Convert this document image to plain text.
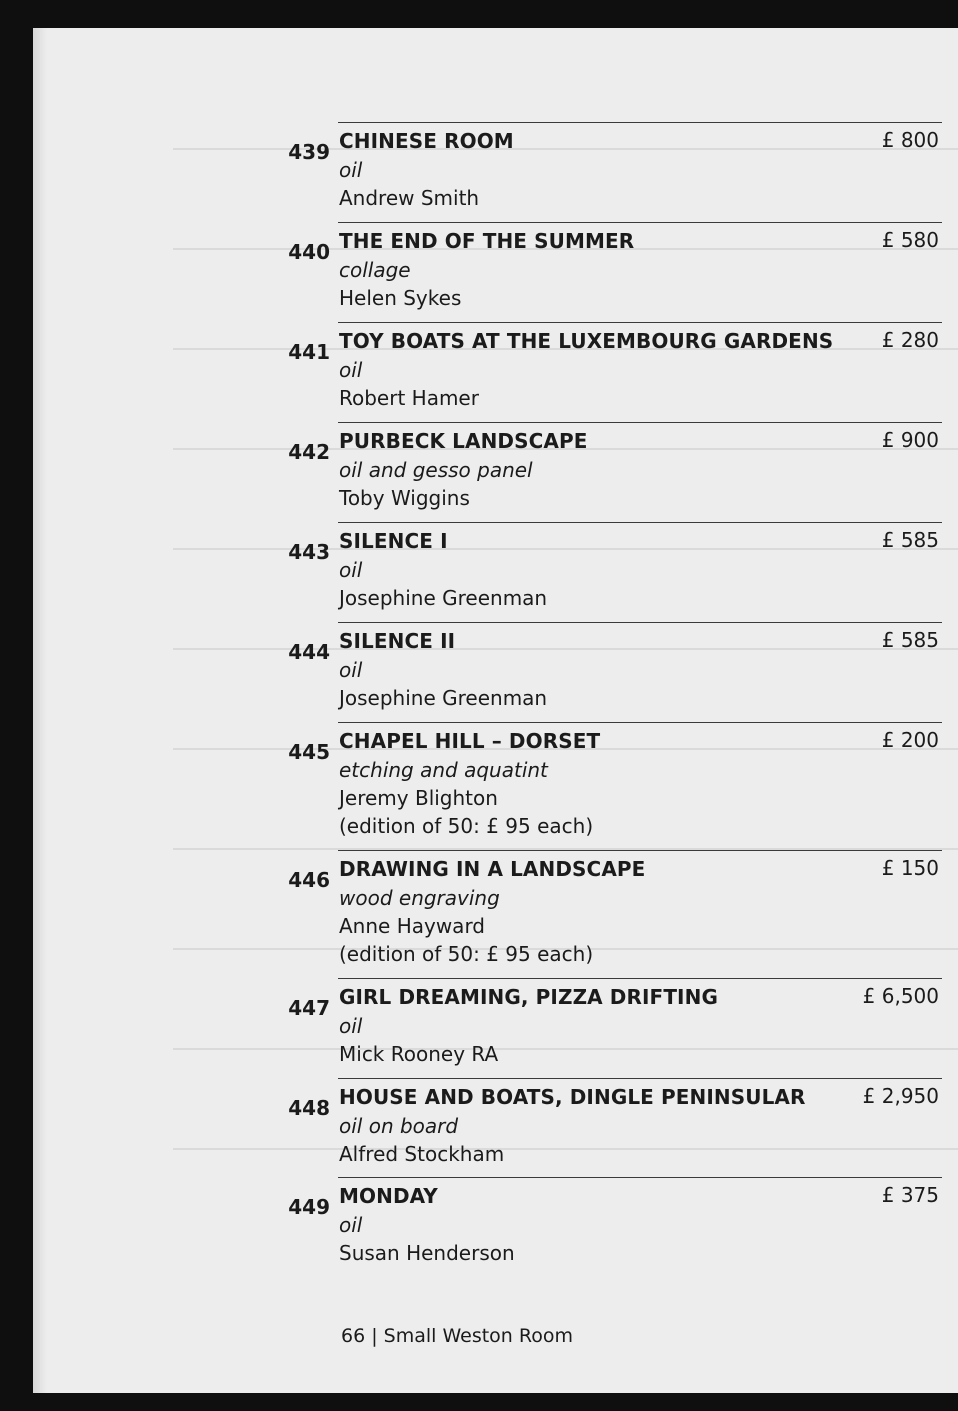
439 CHINESE ROOM
oil
Andrew Smith
£ 800
440 THE END OF THE SUMMER
collage
Helen Sykes
£ 580
441 TOY BOATS AT THE LUXEMBOURG GARDENS
oil
Robert Hamer
£ 280
442 PURBECK LANDSCAPE
oil and gesso panel
Toby Wiggins
£ 900
443 SILENCE I
oil
Josephine Greenman
£ 585
444 SILENCE II
oil
Josephine Greenman
£ 585
445 CHAPEL HILL – DORSET
etching and aquatint
Jeremy Blighton
(edition of 50: £ 95 each)
£ 200
446 DRAWING IN A LANDSCAPE
wood engraving
Anne Hayward
(edition of 50: £ 95 each)
£ 150
447 GIRL DREAMING, PIZZA DRIFTING
oil
Mick Rooney RA
£ 6,500
448 HOUSE AND BOATS, DINGLE PENINSULAR
oil on board
Alfred Stockham
£ 2,950
449 MONDAY
oil
Susan Henderson
£ 375
66 | Small Weston Room
